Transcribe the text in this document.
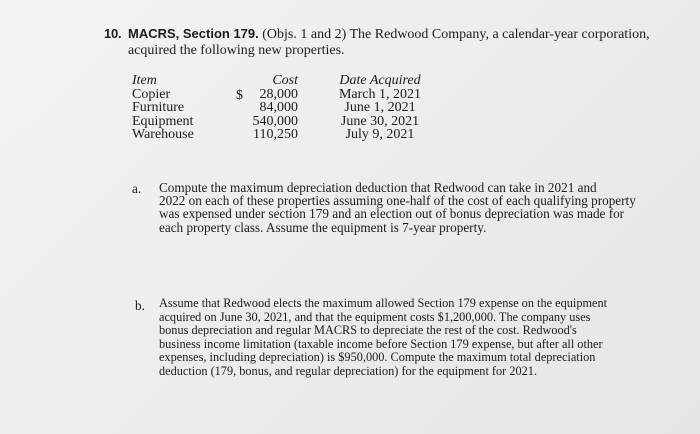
10. MACRS, Section 179. (Objs. 1 and 2) The Redwood Company, a calendar-year corporation,
acquired the following new properties.
Item
Copier
Furniture
Equipment
Warehouse
$
Cost
28,000
84,000
540,000
110,250
Date Acquired
March 1, 2021
June 1, 2021
June 30, 2021
July 9, 2021
a. Compute the maximum depreciation deduction that Redwood can take in 2021 and

2022 on each of these properties assuming one-half of the cost of each qualifying property

was expensed under section 179 and an election out of bonus depreciation was made for

each property class. Assume the equipment is 7-year property.

b. Assume that Redwood elects the maximum allowed Section 179 expense on the equipment

acquired on June 30, 2021, and that the equipment costs $1,200,000. The company uses

bonus depreciation and regular MACRS to depreciate the rest of the cost. Redwood's

business income limitation (taxable income before Section 179 expense, but after all other

expenses, including depreciation) is $950,000. Compute the maximum total depreciation

deduction (179, bonus, and regular depreciation) for the equipment for 2021.
